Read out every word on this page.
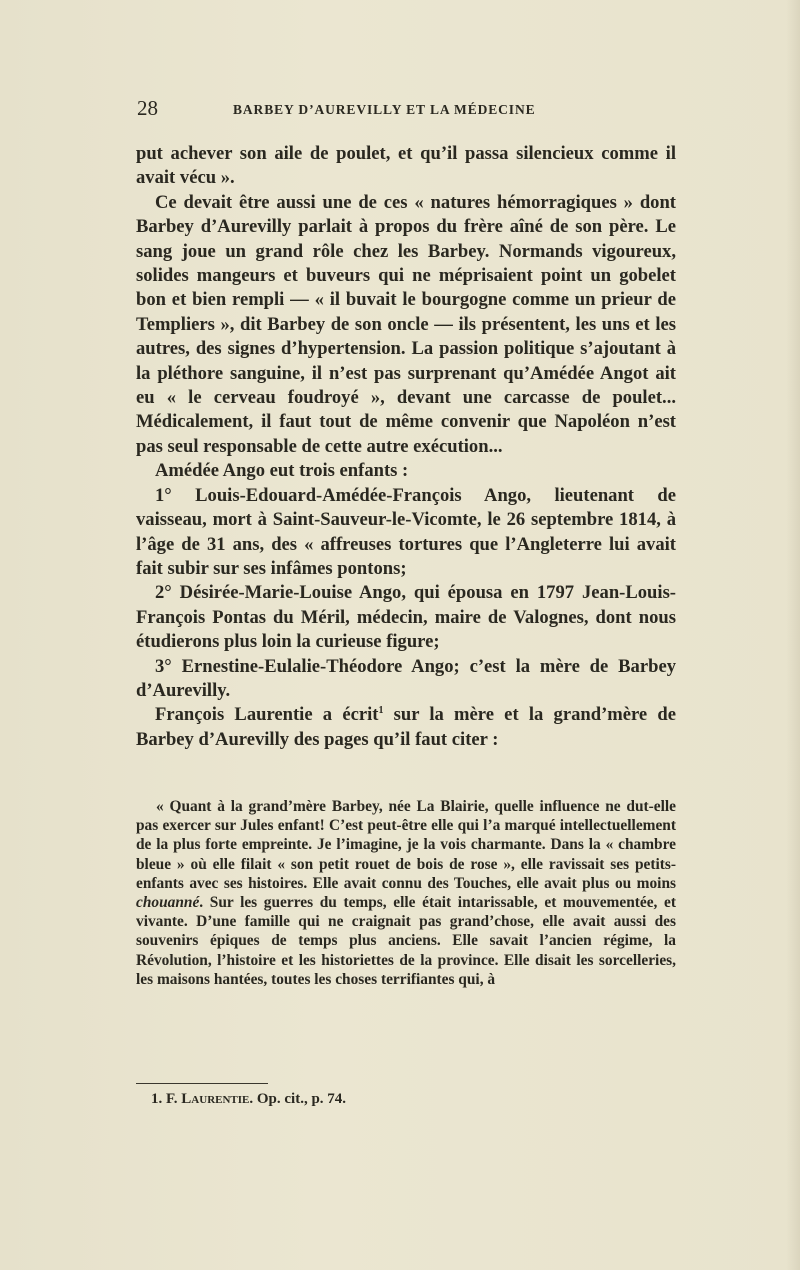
28	BARBEY D’AUREVILLY ET LA MÉDECINE

put achever son aile de poulet, et qu’il passa silencieux comme il avait vécu ».

Ce devait être aussi une de ces « natures hémorragiques » dont Barbey d’Aurevilly parlait à propos du frère aîné de son père. Le sang joue un grand rôle chez les Barbey. Normands vigoureux, solides mangeurs et buveurs qui ne méprisaient point un gobelet bon et bien rempli — « il buvait le bourgogne comme un prieur de Templiers », dit Barbey de son oncle — ils présentent, les uns et les autres, des signes d’hypertension. La passion politique s’ajoutant à la pléthore sanguine, il n’est pas surprenant qu’Amédée Angot ait eu « le cerveau foudroyé », devant une carcasse de poulet... Médicalement, il faut tout de même convenir que Napoléon n’est pas seul responsable de cette autre exécution...

Amédée Ango eut trois enfants :

1° Louis-Edouard-Amédée-François Ango, lieutenant de vaisseau, mort à Saint-Sauveur-le-Vicomte, le 26 septembre 1814, à l’âge de 31 ans, des « affreuses tortures que l’Angleterre lui avait fait subir sur ses infâmes pontons;

2° Désirée-Marie-Louise Ango, qui épousa en 1797 Jean-Louis-François Pontas du Méril, médecin, maire de Valognes, dont nous étudierons plus loin la curieuse figure;

3° Ernestine-Eulalie-Théodore Ango; c’est la mère de Barbey d’Aurevilly.

François Laurentie a écrit$^1$ sur la mère et la grand’mère de Barbey d’Aurevilly des pages qu’il faut citer :

« Quant à la grand’mère Barbey, née La Blairie, quelle influence ne dut-elle pas exercer sur Jules enfant! C’est peut-être elle qui l’a marqué intellectuellement de la plus forte empreinte. Je l’imagine, je la vois charmante. Dans la « chambre bleue » où elle filait « son petit rouet de bois de rose », elle ravissait ses petits-enfants avec ses histoires. Elle avait connu des Touches, elle avait plus ou moins chouanné. Sur les guerres du temps, elle était intarissable, et mouvementée, et vivante. D’une famille qui ne craignait pas grand’chose, elle avait aussi des souvenirs épiques de temps plus anciens. Elle savait l’ancien régime, la Révolution, l’histoire et les historiettes de la province. Elle disait les sorcelleries, les maisons hantées, toutes les choses terrifiantes qui, à

1. F. Laurentie. Op. cit., p. 74.
